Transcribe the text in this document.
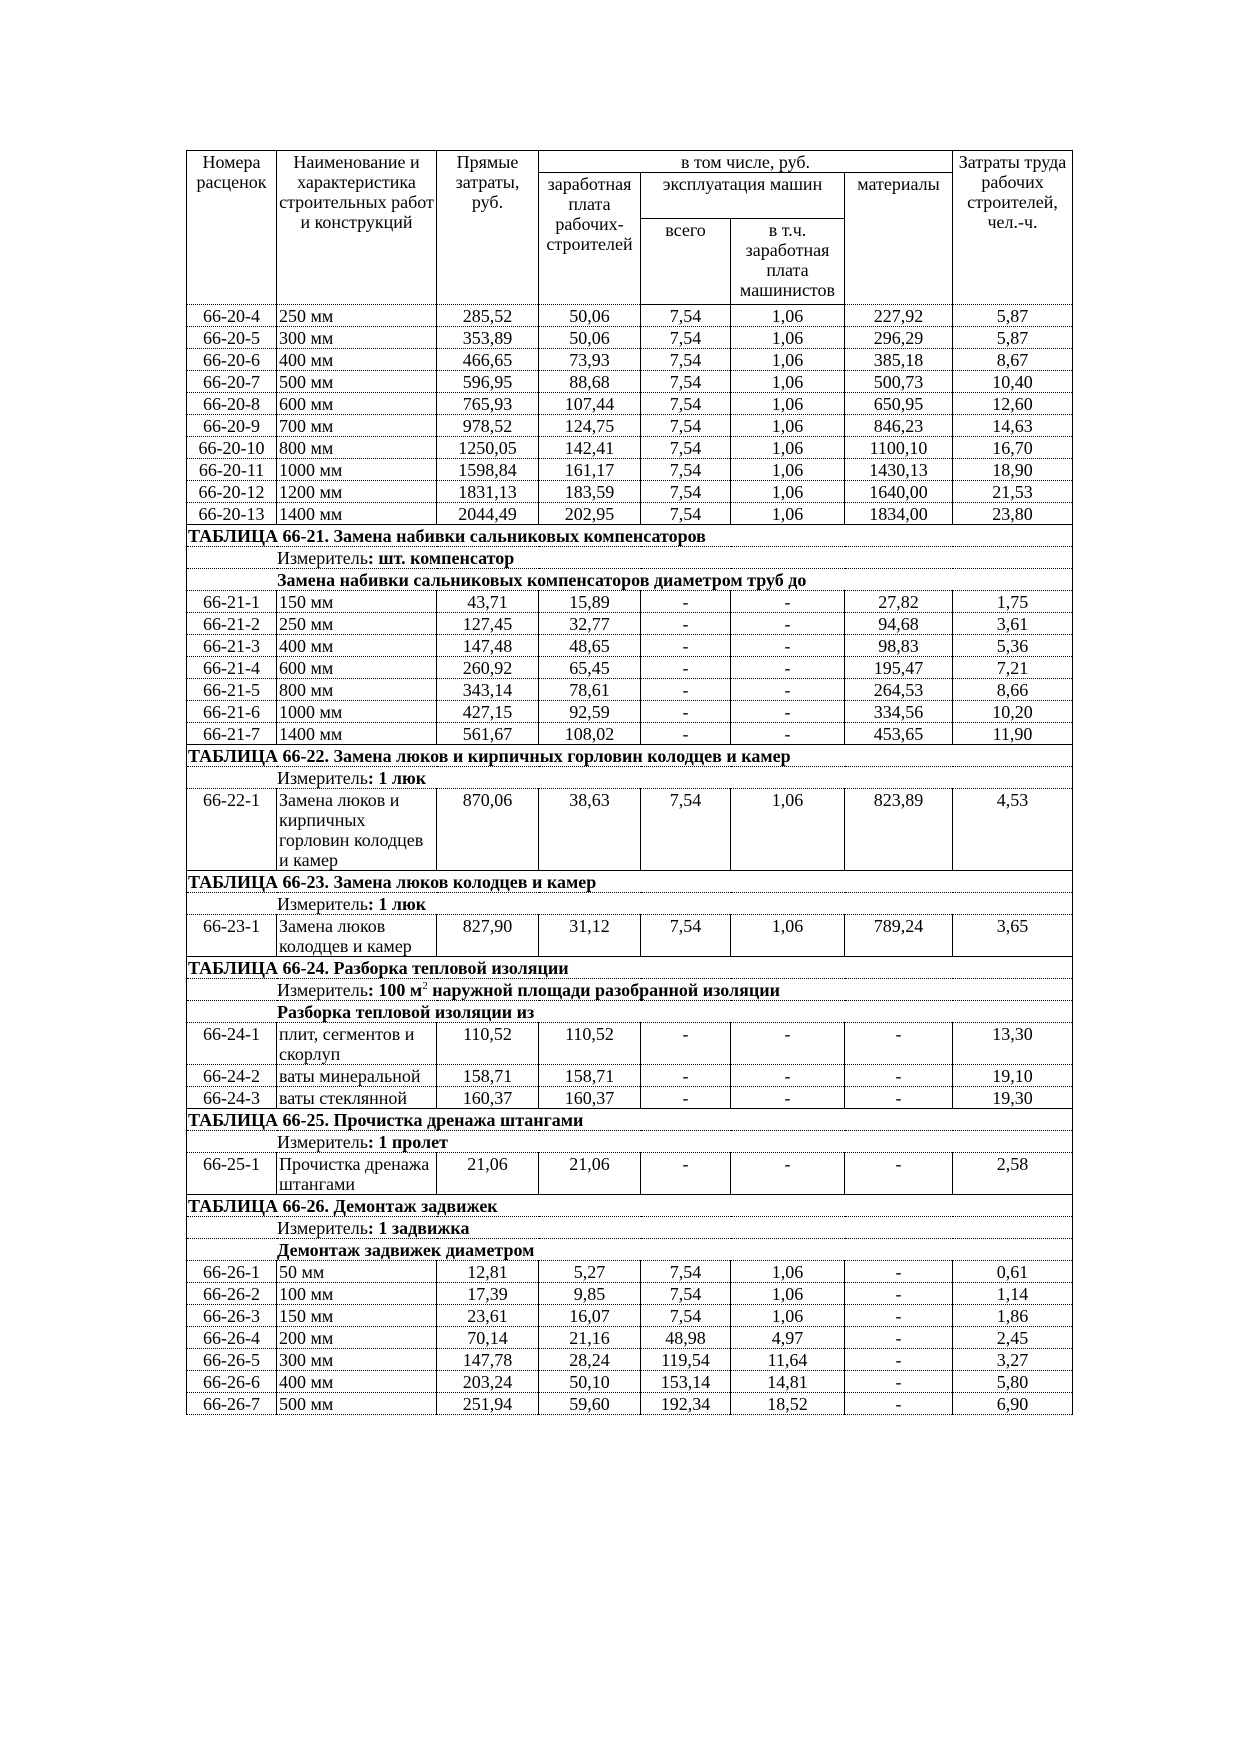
Номера расценок	Наименование и характеристика строительных работ и конструкций	Прямые затраты, руб.	в том числе, руб.				Затраты труда рабочих строителей, чел.-ч.
			заработная плата рабочих-строителей	эксплуатация машин		материалы	
				всего	в т.ч. заработная плата машинистов		
66-20-4	250 мм	285,52	50,06	7,54	1,06	227,92	5,87
66-20-5	300 мм	353,89	50,06	7,54	1,06	296,29	5,87
66-20-6	400 мм	466,65	73,93	7,54	1,06	385,18	8,67
66-20-7	500 мм	596,95	88,68	7,54	1,06	500,73	10,40
66-20-8	600 мм	765,93	107,44	7,54	1,06	650,95	12,60
66-20-9	700 мм	978,52	124,75	7,54	1,06	846,23	14,63
66-20-10	800 мм	1250,05	142,41	7,54	1,06	1100,10	16,70
66-20-11	1000 мм	1598,84	161,17	7,54	1,06	1430,13	18,90
66-20-12	1200 мм	1831,13	183,59	7,54	1,06	1640,00	21,53
66-20-13	1400 мм	2044,49	202,95	7,54	1,06	1834,00	23,80
ТАБЛИЦА 66-21. Замена набивки сальниковых компенсаторов							
Измеритель: шт. компенсатор							
Замена набивки сальниковых компенсаторов диаметром труб до							
66-21-1	150 мм	43,71	15,89	-	-	27,82	1,75
66-21-2	250 мм	127,45	32,77	-	-	94,68	3,61
66-21-3	400 мм	147,48	48,65	-	-	98,83	5,36
66-21-4	600 мм	260,92	65,45	-	-	195,47	7,21
66-21-5	800 мм	343,14	78,61	-	-	264,53	8,66
66-21-6	1000 мм	427,15	92,59	-	-	334,56	10,20
66-21-7	1400 мм	561,67	108,02	-	-	453,65	11,90
ТАБЛИЦА 66-22. Замена люков и кирпичных горловин колодцев и камер							
Измеритель: 1 люк							
66-22-1	Замена люков и кирпичных горловин колодцев и камер	870,06	38,63	7,54	1,06	823,89	4,53
ТАБЛИЦА 66-23. Замена люков колодцев и камер							
Измеритель: 1 люк							
66-23-1	Замена люков колодцев и камер	827,90	31,12	7,54	1,06	789,24	3,65
ТАБЛИЦА 66-24. Разборка тепловой изоляции							
Измеритель: 100 $м^2$ наружной площади разобранной изоляции							
Разборка тепловой изоляции из							
66-24-1	плит, сегментов и скорлуп	110,52	110,52	-	-	-	13,30
66-24-2	ваты минеральной	158,71	158,71	-	-	-	19,10
66-24-3	ваты стеклянной	160,37	160,37	-	-	-	19,30
ТАБЛИЦА 66-25. Прочистка дренажа штангами							
Измеритель: 1 пролет							
66-25-1	Прочистка дренажа штангами	21,06	21,06	-	-	-	2,58
ТАБЛИЦА 66-26. Демонтаж задвижек							
Измеритель: 1 задвижка							
Демонтаж задвижек диаметром							
66-26-1	50 мм	12,81	5,27	7,54	1,06	-	0,61
66-26-2	100 мм	17,39	9,85	7,54	1,06	-	1,14
66-26-3	150 мм	23,61	16,07	7,54	1,06	-	1,86
66-26-4	200 мм	70,14	21,16	48,98	4,97	-	2,45
66-26-5	300 мм	147,78	28,24	119,54	11,64	-	3,27
66-26-6	400 мм	203,24	50,10	153,14	14,81	-	5,80
66-26-7	500 мм	251,94	59,60	192,34	18,52	-	6,90
